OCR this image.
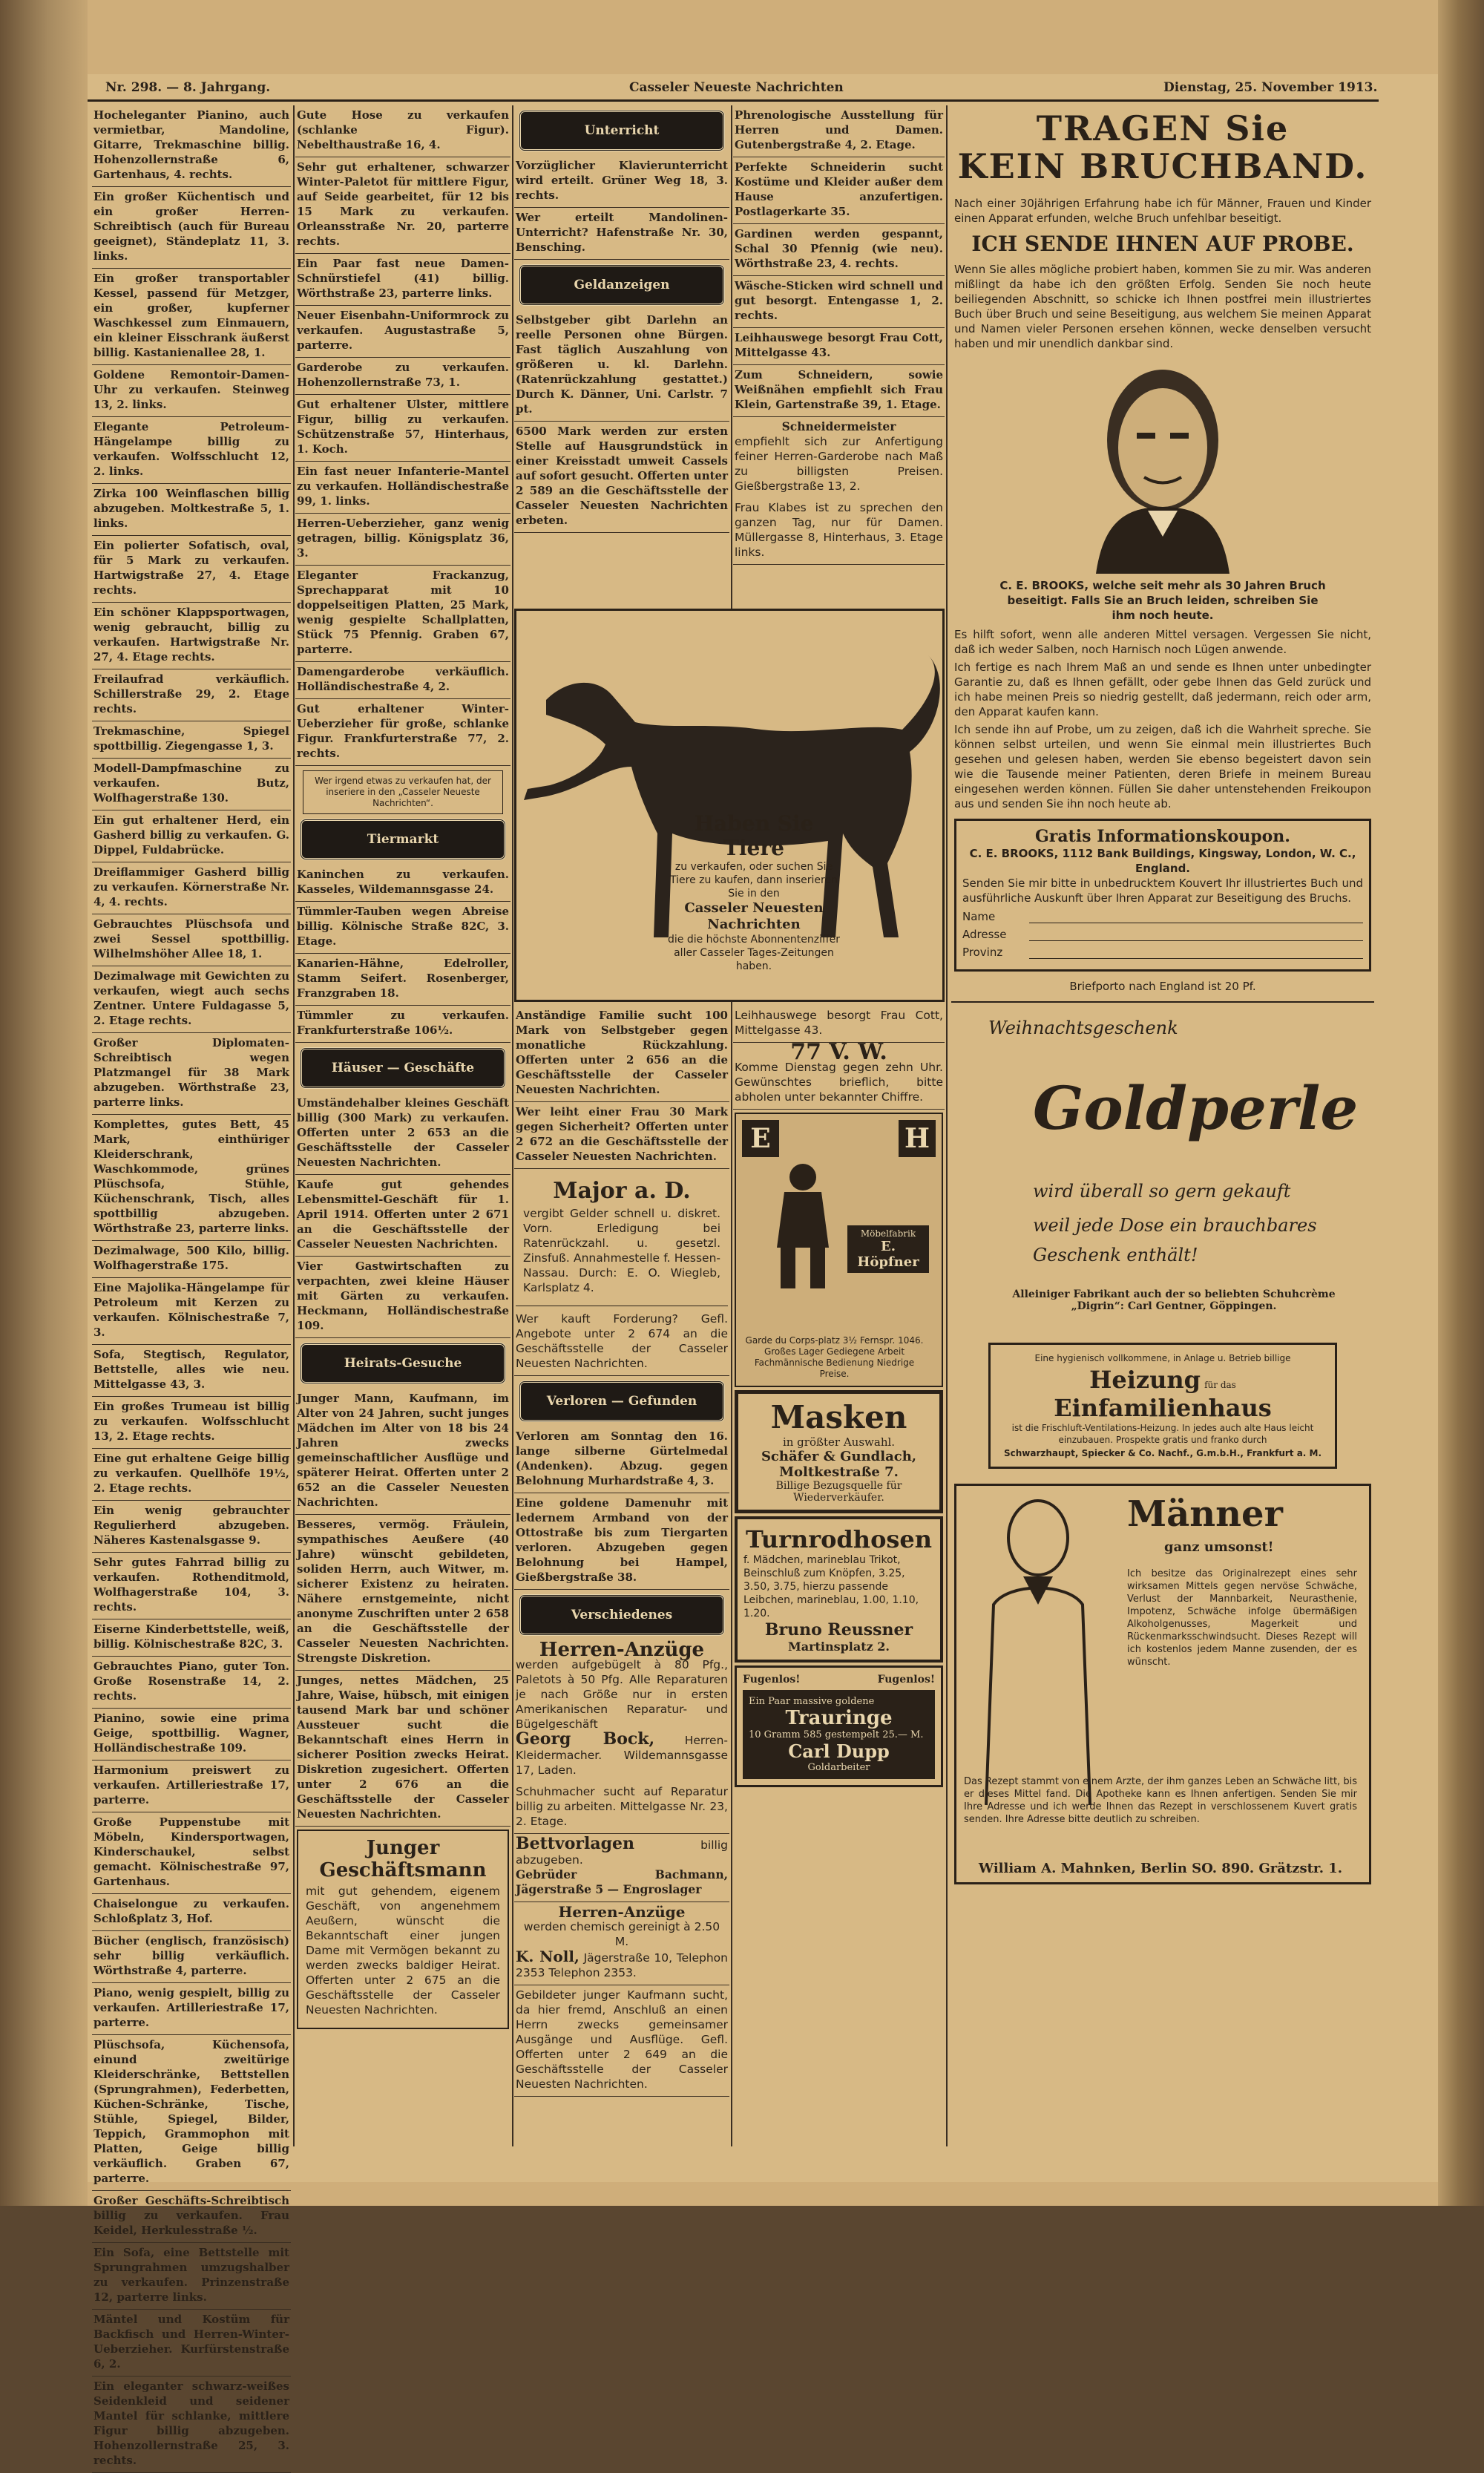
Nr. 298. — 8. Jahrgang.	Casseler Neueste Nachrichten	Dienstag, 25. November 1913.
Hocheleganter Pianino, auch vermietbar, Mandoline, Gitarre, Trekmaschine billig. Hohenzollernstraße 6, Gartenhaus, 4. rechts.
Ein großer Küchentisch und ein großer Herren-Schreibtisch (auch für Bureau geeignet), Ständeplatz 11, 3. links.
Ein großer transportabler Kessel, passend für Metzger, ein großer, kupferner Waschkessel zum Einmauern, ein kleiner Eisschrank äußerst billig. Kastanienallee 28, 1.
Goldene Remontoir-Damen-Uhr zu verkaufen. Steinweg 13, 2. links.
Elegante Petroleum-Hängelampe billig zu verkaufen. Wolfsschlucht 12, 2. links.
Zirka 100 Weinflaschen billig abzugeben. Moltkestraße 5, 1. links.
Ein polierter Sofatisch, oval, für 5 Mark zu verkaufen. Hartwigstraße 27, 4. Etage rechts.
Ein schöner Klappsportwagen, wenig gebraucht, billig zu verkaufen. Hartwigstraße Nr. 27, 4. Etage rechts.
Freilaufrad verkäuflich. Schillerstraße 29, 2. Etage rechts.
Trekmaschine, Spiegel spottbillig. Ziegengasse 1, 3.
Modell-Dampfmaschine zu verkaufen. Butz, Wolfhagerstraße 130.
Ein gut erhaltener Herd, ein Gasherd billig zu verkaufen. G. Dippel, Fuldabrücke.
Dreiflammiger Gasherd billig zu verkaufen. Körnerstraße Nr. 4, 4. rechts.
Gebrauchtes Plüschsofa und zwei Sessel spottbillig. Wilhelmshöher Allee 18, 1.
Dezimalwage mit Gewichten zu verkaufen, wiegt auch sechs Zentner. Untere Fuldagasse 5, 2. Etage rechts.
Großer Diplomaten-Schreibtisch wegen Platzmangel für 38 Mark abzugeben. Wörthstraße 23, parterre links.
Komplettes, gutes Bett, 45 Mark, einthüriger Kleiderschrank, Waschkommode, grünes Plüschsofa, Stühle, Küchenschrank, Tisch, alles spottbillig abzugeben. Wörthstraße 23, parterre links.
Dezimalwage, 500 Kilo, billig. Wolfhagerstraße 175.
Eine Majolika-Hängelampe für Petroleum mit Kerzen zu verkaufen. Kölnischestraße 7, 3.
Sofa, Stegtisch, Regulator, Bettstelle, alles wie neu. Mittelgasse 43, 3.
Ein großes Trumeau ist billig zu verkaufen. Wolfsschlucht 13, 2. Etage rechts.
Eine gut erhaltene Geige billig zu verkaufen. Quellhöfe 19½, 2. Etage rechts.
Ein wenig gebrauchter Regulierherd abzugeben. Näheres Kastenalsgasse 9.
Sehr gutes Fahrrad billig zu verkaufen. Rothenditmold, Wolfhagerstraße 104, 3. rechts.
Eiserne Kinderbettstelle, weiß, billig. Kölnischestraße 82C, 3.
Gebrauchtes Piano, guter Ton. Große Rosenstraße 14, 2. rechts.
Pianino, sowie eine prima Geige, spottbillig. Wagner, Holländischestraße 109.
Harmonium preiswert zu verkaufen. Artilleriestraße 17, parterre.
Große Puppenstube mit Möbeln, Kindersportwagen, Kinderschaukel, selbst gemacht. Kölnischestraße 97, Gartenhaus.
Chaiselongue zu verkaufen. Schloßplatz 3, Hof.
Bücher (englisch, französisch) sehr billig verkäuflich. Wörthstraße 4, parterre.
Piano, wenig gespielt, billig zu verkaufen. Artilleriestraße 17, parterre.
Plüschsofa, Küchensofa, einund zweitürige Kleiderschränke, Bettstellen (Sprungrahmen), Federbetten, Küchen-Schränke, Tische, Stühle, Spiegel, Bilder, Teppich, Grammophon mit Platten, Geige billig verkäuflich. Graben 67, parterre.
Großer Geschäfts-Schreibtisch billig zu verkaufen. Frau Keidel, Herkulesstraße ½.
Ein Sofa, eine Bettstelle mit Sprungrahmen umzugshalber zu verkaufen. Prinzenstraße 12, parterre links.
Mäntel und Kostüm für Backfisch und Herren-Winter-Ueberzieher. Kurfürstenstraße 6, 2.
Ein eleganter schwarz-weißes Seidenkleid und seidener Mantel für schlanke, mittlere Figur billig abzugeben. Hohenzollernstraße 25, 3. rechts.
Gute Hose zu verkaufen (schlanke Figur). Nebelthaustraße 16, 4.
Sehr gut erhaltener, schwarzer Winter-Paletot für mittlere Figur, auf Seide gearbeitet, für 12 bis 15 Mark zu verkaufen. Orleansstraße Nr. 20, parterre rechts.
Ein Paar fast neue Damen-Schnürstiefel (41) billig. Wörthstraße 23, parterre links.
Neuer Eisenbahn-Uniformrock zu verkaufen. Augustastraße 5, parterre.
Garderobe zu verkaufen. Hohenzollernstraße 73, 1.
Gut erhaltener Ulster, mittlere Figur, billig zu verkaufen. Schützenstraße 57, Hinterhaus, 1. Koch.
Ein fast neuer Infanterie-Mantel zu verkaufen. Holländischestraße 99, 1. links.
Herren-Ueberzieher, ganz wenig getragen, billig. Königsplatz 36, 3.
Eleganter Frackanzug, Sprechapparat mit 10 doppelseitigen Platten, 25 Mark, wenig gespielte Schallplatten, Stück 75 Pfennig. Graben 67, parterre.
Damengarderobe verkäuflich. Holländischestraße 4, 2.
Gut erhaltener Winter-Ueberzieher für große, schlanke Figur. Frankfurterstraße 77, 2. rechts.
Wer irgend etwas zu verkaufen hat, der inseriere in den „Casseler Neueste Nachrichten“.
Tiermarkt
Kaninchen zu verkaufen. Kasseles, Wildemannsgasse 24.
Tümmler-Tauben wegen Abreise billig. Kölnische Straße 82C, 3. Etage.
Kanarien-Hähne, Edelroller, Stamm Seifert. Rosenberger, Franzgraben 18.
Tümmler zu verkaufen. Frankfurterstraße 106½.
Häuser — Geschäfte
Umständehalber kleines Geschäft billig (300 Mark) zu verkaufen. Offerten unter 2 653 an die Geschäftsstelle der Casseler Neuesten Nachrichten.
Kaufe gut gehendes Lebensmittel-Geschäft für 1. April 1914. Offerten unter 2 671 an die Geschäftsstelle der Casseler Neuesten Nachrichten.
Vier Gastwirtschaften zu verpachten, zwei kleine Häuser mit Gärten zu verkaufen. Heckmann, Holländischestraße 109.
Heirats-Gesuche
Junger Mann, Kaufmann, im Alter von 24 Jahren, sucht junges Mädchen im Alter von 18 bis 24 Jahren zwecks gemeinschaftlicher Ausflüge und späterer Heirat. Offerten unter 2 652 an die Casseler Neuesten Nachrichten.
Besseres, vermög. Fräulein, sympathisches Aeußere (40 Jahre) wünscht gebildeten, soliden Herrn, auch Witwer, m. sicherer Existenz zu heiraten. Nähere ernstgemeinte, nicht anonyme Zuschriften unter 2 658 an die Geschäftsstelle der Casseler Neuesten Nachrichten. Strengste Diskretion.
Junges, nettes Mädchen, 25 Jahre, Waise, hübsch, mit einigen tausend Mark bar und schöner Aussteuer sucht die Bekanntschaft eines Herrn in sicherer Position zwecks Heirat. Diskretion zugesichert. Offerten unter 2 676 an die Geschäftsstelle der Casseler Neuesten Nachrichten.
Junger Geschäftsmann
mit gut gehendem, eigenem Geschäft, von angenehmem Aeußern, wünscht die Bekanntschaft einer jungen Dame mit Vermögen bekannt zu werden zwecks baldiger Heirat. Offerten unter 2 675 an die Geschäftsstelle der Casseler Neuesten Nachrichten.
Unterricht
Vorzüglicher Klavierunterricht wird erteilt. Grüner Weg 18, 3. rechts.
Wer erteilt Mandolinen-Unterricht? Hafenstraße Nr. 30, Bensching.
Geldanzeigen
Selbstgeber gibt Darlehn an reelle Personen ohne Bürgen. Fast täglich Auszahlung von größeren u. kl. Darlehn. (Ratenrückzahlung gestattet.) Durch K. Dänner, Uni. Carlstr. 7 pt.
6500 Mark werden zur ersten Stelle auf Hausgrundstück in einer Kreisstadt umweit Cassels auf sofort gesucht. Offerten unter 2 589 an die Geschäftsstelle der Casseler Neuesten Nachrichten erbeten.
Haben Sie Tiere
zu verkaufen, oder suchen Sie Tiere zu kaufen, dann inserieren Sie in den
Casseler Neuesten Nachrichten
die die höchste Abonnentenziffer aller Casseler Tages-Zeitungen haben.
Anständige Familie sucht 100 Mark von Selbstgeber gegen monatliche Rückzahlung. Offerten unter 2 656 an die Geschäftsstelle der Casseler Neuesten Nachrichten.
Wer leiht einer Frau 30 Mark gegen Sicherheit? Offerten unter 2 672 an die Geschäftsstelle der Casseler Neuesten Nachrichten.
Major a. D.
vergibt Gelder schnell u. diskret. Vorn. Erledigung bei Ratenrückzahl. u. gesetzl. Zinsfuß. Annahmestelle f. Hessen-Nassau. Durch: E. O. Wiegleb, Karlsplatz 4.
Wer kauft Forderung? Gefl. Angebote unter 2 674 an die Geschäftsstelle der Casseler Neuesten Nachrichten.
Verloren — Gefunden
Verloren am Sonntag den 16. lange silberne Gürtelmedal (Andenken). Abzug. gegen Belohnung Murhardstraße 4, 3.
Eine goldene Damenuhr mit ledernem Armband von der Ottostraße bis zum Tiergarten verloren. Abzugeben gegen Belohnung bei Hampel, Gießbergstraße 38.
Verschiedenes
Herren-Anzüge
werden aufgebügelt à 80 Pfg., Paletots à 50 Pfg. Alle Reparaturen je nach Größe nur in ersten Amerikanischen Reparatur- und Bügelgeschäft
Georg Bock,	Herren-Kleidermacher. Wildemannsgasse 17, Laden.
Schuhmacher sucht auf Reparatur billig zu arbeiten. Mittelgasse Nr. 23, 2. Etage.
Bettvorlagen	billig abzugeben.
Gebrüder Bachmann, Jägerstraße 5 — Engroslager
Herren-Anzüge
werden chemisch gereinigt à 2.50 M.
K. Noll, Jägerstraße 10, Telephon 2353 Telephon 2353.
Gebildeter junger Kaufmann sucht, da hier fremd, Anschluß an einen Herrn zwecks gemeinsamer Ausgänge und Ausflüge. Gefl. Offerten unter 2 649 an die Geschäftsstelle der Casseler Neuesten Nachrichten.
Phrenologische Ausstellung für Herren und Damen. Gutenbergstraße 4, 2. Etage.
Perfekte Schneiderin sucht Kostüme und Kleider außer dem Hause anzufertigen. Postlagerkarte 35.
Gardinen werden gespannt, Schal 30 Pfennig (wie neu). Wörthstraße 23, 4. rechts.
Wäsche-Sticken wird schnell und gut besorgt. Entengasse 1, 2. rechts.
Leihhauswege besorgt Frau Cott, Mittelgasse 43.
Zum Schneidern, sowie Weißnähen empfiehlt sich Frau Klein, Gartenstraße 39, 1. Etage.
Schneidermeister
empfiehlt sich zur Anfertigung feiner Herren-Garderobe nach Maß zu billigsten Preisen. Gießbergstraße 13, 2.
Frau Klabes ist zu sprechen den ganzen Tag, nur für Damen. Müllergasse 8, Hinterhaus, 3. Etage links.
Leihhauswege besorgt Frau Cott, Mittelgasse 43.
77 V. W.
Komme Dienstag gegen zehn Uhr. Gewünschtes brieflich, bitte abholen unter bekannter Chiffre.
E	H
Möbelfabrik
E. Höpfner
Garde du Corps-platz 3½ Fernspr. 1046. Großes Lager Gediegene Arbeit Fachmännische Bedienung Niedrige Preise.
Masken
in größter Auswahl.
Schäfer & Gundlach,
Moltkestraße 7.
Billige Bezugsquelle für Wiederverkäufer.
Turnrodhosen
f. Mädchen, marineblau Trikot, Beinschluß zum Knöpfen, 3.25, 3.50, 3.75, hierzu passende Leibchen, marineblau, 1.00, 1.10, 1.20.
Bruno Reussner
Martinsplatz 2.
Fugenlos!	Fugenlos!
Ein Paar massive goldene
Trauringe
10 Gramm 585 gestempelt 25.— M.
Carl Dupp
Goldarbeiter
TRAGEN Sie
KEIN BRUCHBAND.

Nach einer 30jährigen Erfahrung habe ich für Männer, Frauen und Kinder einen Apparat erfunden, welche Bruch unfehlbar beseitigt.

ICH SENDE IHNEN AUF PROBE.

Wenn Sie alles mögliche probiert haben, kommen Sie zu mir. Was anderen mißlingt da habe ich den größten Erfolg. Senden Sie noch heute beiliegenden Abschnitt, so schicke ich Ihnen postfrei mein illustriertes Buch über Bruch und seine Beseitigung, aus welchem Sie meinen Apparat und Namen vieler Personen ersehen können, wecke denselben versucht haben und mir unendlich dankbar sind.

C. E. BROOKS, welche seit mehr als 30 Jahren Bruch beseitigt. Falls Sie an Bruch leiden, schreiben Sie ihm noch heute.

Es hilft sofort, wenn alle anderen Mittel versagen. Vergessen Sie nicht, daß ich weder Salben, noch Harnisch noch Lügen anwende.

Ich fertige es nach Ihrem Maß an und sende es Ihnen unter unbedingter Garantie zu, daß es Ihnen gefällt, oder gebe Ihnen das Geld zurück und ich habe meinen Preis so niedrig gestellt, daß jedermann, reich oder arm, den Apparat kaufen kann.

Ich sende ihn auf Probe, um zu zeigen, daß ich die Wahrheit spreche. Sie können selbst urteilen, und wenn Sie einmal mein illustriertes Buch gesehen und gelesen haben, werden Sie ebenso begeistert davon sein wie die Tausende meiner Patienten, deren Briefe in meinem Bureau eingesehen werden können. Füllen Sie daher untenstehenden Freikoupon aus und senden Sie ihn noch heute ab.

Gratis Informationskoupon.

C. E. BROOKS, 1112 Bank Buildings, Kingsway, London, W. C., England.

Senden Sie mir bitte in unbedrucktem Kouvert Ihr illustriertes Buch und ausführliche Auskunft über Ihren Apparat zur Beseitigung des Bruchs.

Name
Adresse
Provinz

Briefporto nach England ist 20 Pf.

Weihnachtsgeschenk
Goldperle
wird überall so gern gekauft
weil jede Dose ein brauchbares Geschenk enthält!
Alleiniger Fabrikant auch der so beliebten Schuhcrème „Digrin“: Carl Gentner, Göppingen.

Eine hygienisch vollkommene, in Anlage u. Betrieb billige

Heizung für das Einfamilienhaus

ist die Frischluft-Ventilations-Heizung. In jedes auch alte Haus leicht einzubauen. Prospekte gratis und franko durch

Schwarzhaupt, Spiecker & Co. Nachf., G.m.b.H., Frankfurt a. M.

Männer
ganz umsonst!

Ich besitze das Originalrezept eines sehr wirksamen Mittels gegen nervöse Schwäche, Verlust der Mannbarkeit, Neurasthenie, Impotenz, Schwäche infolge übermäßigen Alkoholgenusses, Magerkeit und Rückenmarksschwindsucht. Dieses Rezept will ich kostenlos jedem Manne zusenden, der es wünscht.

Das Rezept stammt von einem Arzte, der ihm ganzes Leben an Schwäche litt, bis er dieses Mittel fand. Die Apotheke kann es Ihnen anfertigen. Senden Sie mir Ihre Adresse und ich werde Ihnen das Rezept in verschlossenem Kuvert gratis senden. Ihre Adresse bitte deutlich zu schreiben.

William A. Mahnken, Berlin SO. 890. Grätzstr. 1.
